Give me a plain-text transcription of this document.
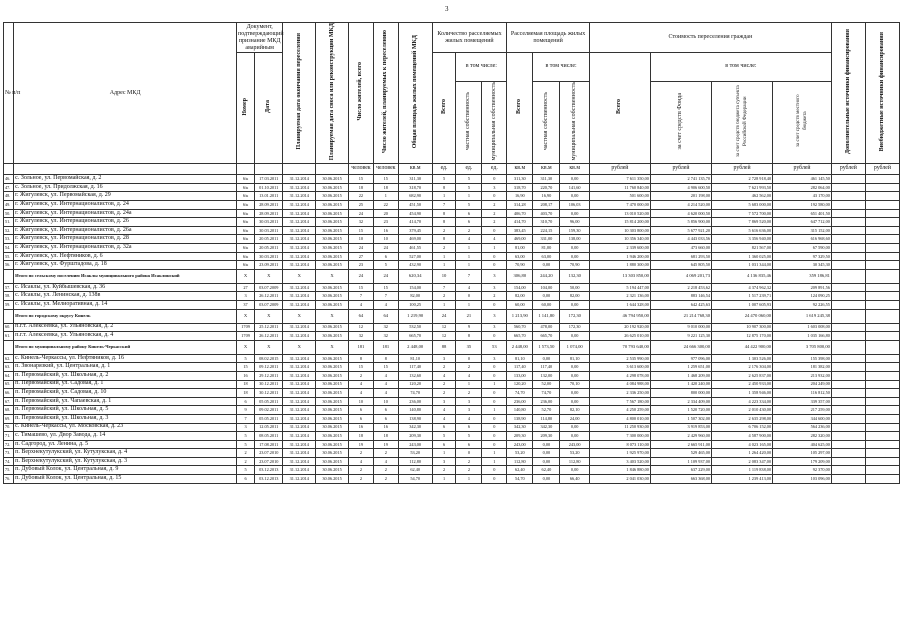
3
№ п/п	Адрес МКД	Документ, подтверждающий признание МКД аварийным		Планируемая дата окончания переселения	Планируемая дата сноса или реконструкции МКД	Число жителей, всего	Число жителей, планируемых к переселению	Общая площадь жилых помещений МКД	Количество расселяемых жилых помещений			Расселяемая площадь жилых помещений			Стоимость переселения граждан				Дополнительные источники финансирования	Внебюджетные источники финансирования
		Номер	Дата						Всего	в том числе:		Всего	в том числе:		Всего	в том числе:				
										частная собственность	муниципальная собственность		частная собственность	муниципальная собственность		за счет средств Фонда	за счет средств бюджета субъекта Российской Федерации	за счет средств местного бюджета		
						человек	человек	кв.м	ед.	ед.	ед.	кв.м	кв.м	кв.м	рублей	рублей	рублей	рублей	рублей	рублей
46.	с. Зольное, ул. Первомайская, д. 2	6/к	17.03.2011	31.12.2014	30.06.2015	15	15	311,30	5	5	0	311,30	311,30	0,00	7 611 350,00	2 741 135,70	2 728 918,40	461 145,50		
47.	с. Зольное, ул. Придолжская, д. 16	6/к	01.10.2011	31.12.2014	30.06.2015	18	18	318,70	8	5	3	318,70	220,70	141,60	11 760 840,00	4 906 600,50	7 621 993,50	282 064,00		
48.	г. Жигулевск, ул. Первомайская, д. 29	6/к	13.01.2011	31.12.2014	30.06.2015	22	1	682,90	1	1	0	16,90	16,90	0,00	501 600,00	201 198,00	462 562,00	43 170,00		
49.	г. Жигулевск, ул. Интернационалистов, д. 24	6/к	28.09.2011	31.12.2014	30.06.2015	25	22	451,50	7	5	2	314,28	208,17	106,03	7 470 000,00	4 214 520,00	5 683 000,00	192 580,00		
50.	г. Жигулевск, ул. Интернационалистов, д. 24а	6/к	28.09.2011	31.12.2014	30.06.2015	24	20	454,90	8	6	2	406,70	403,70	0,00	13 010 520,00	4 620 000,50	7 572 700,00	651 401,50		
51.	г. Жигулевск, ул. Интернационалистов, д. 26	6/к	30.03.2011	31.12.2014	30.06.2015	32	23	414,70	8	6	2	414,70	310,70	96,00	15 814 200,00	5 856 900,00	7 869 520,00	647 712,00		
52.	г. Жигулевск, ул. Интернационалистов, д. 26а	6/к	30.03.2011	31.12.2014	30.06.2015	15	16	379,45	2	2	0	383,45	224,15	159,30	10 303 800,00	5 677 921,20	5 616 636,00	315 152,00		
53.	г. Жигулевск, ул. Интернационалистов, д. 28	6/к	20.05.2011	31.12.2014	30.06.2015	10	10	469,00	8	4	4	469,00	331,00	138,00	10 356 340,00	4 443 033,56	3 356 940,00	616 968,60		
54.	г. Жигулевск, ул. Интернационалистов, д. 32а	6/к	20.05.2011	31.12.2014	30.06.2015	24	24	461,55	2	1	1	81,00	81,00	0,00	2 339 600,00	473 660,00	821 567,00	67 590,00		
55.	г. Жигулевск, ул. Нефтяников, д. 6	6/к	30.03.2011	31.12.2014	30.06.2015	27	6	527,00	1	1	0	63,00	63,00	0,00	1 946 200,00	681 293,50	1 360 025,00	97 329,50		
56.	г. Жигулевск, ул. Фурштадова, д. 18	6/к	23.09.2011	31.12.2014	30.06.2015	23	5	432,90	1	1	0	70,90	0,00	70,90	1 880 300,00	645 805,50	1 031 344,00	30 345,30		
	Итого по сельскому поселению Исаклы муниципального района Исаклинский	X	X	X	X	24	24	620,34	10	7	3	306,80	244,20	132,30	13 303 850,00	4 069 201,73	4 136 835,46	359 186,81		
57.	с. Исаклы, ул. Куйбышевская, д. 36	27	03.07.2009	31.12.2014	30.06.2015	15	15	154,00	7	4	3	154,00	104,00	50,00	5 194 447,00	2 218 453,62	4 374 962,32	209 891,56		
58.	с. Исаклы, ул. Ленинская, д. 138в	3	26.12.2011	31.12.2014	30.06.2015	7	7	82,00	2	0	2	82,00	0,00	82,00	2 321 136,00	883 146,54	1 517 239,71	124 090,25		
59.	с. Исаклы, ул. Мелиоративная, д. 14	37	03.07.2009	31.12.2014	30.06.2015	4	4	100,25	1	1	0	60,00	60,00	0,00	1 644 328,00	642 425,63	1 007 605,93	92 226,55		
	Итого по городскому округу Кинель	X	X	X	X	64	64	1 219,90	24	21	3	1 213,90	1 141,80	172,30	46 794 950,00	21 214 768,30	24 470 060,00	1 619 245,38		
60.	п.г.т. Алексеевка, ул. Ульяновская, д. 2	1709	25.12.2011	31.12.2014	30.06.2015	12	32	532,50	12	9	3	560,70	478,00	172,30	20 192 920,00	9 010 000,00	10 907 300,00	1 603 008,00		
61.	п.г.т. Алексеевка, ул. Ульяновская, д. 4	1709	26.12.2011	31.12.2014	30.06.2015	32	32	665,70	12	8	0	665,70	665,70	0,00	26 625 010,00	9 221 125,30	12 875 170,00	1 035 166,80		
	Итого по муниципальному району Кинель-Черкасский	X	X	X	X	181	181	2 448,00	88	35	53	2 448,00	1 573,50	1 074,00	70 793 640,00	24 666 300,00	44 422 900,00	3 705 800,00		
62.	с. Кинель-Черкассы, ул. Нефтяников, д. 16	5	08.02.2015	31.12.2014	30.06.2015	8	8	81,10	3	0	3	81,10	0,00	81,10	2 535 990,00	977 096,00	1 303 526,00	155 398,00		
63.	п. Звонарязкий, ул. Центральная, д. 1	15	09.12.2011	31.12.2014	30.06.2015	15	15	117,40	2	2	0	117,40	117,40	0,00	3 613 600,00	1 259 651,00	2 176 304,00	181 382,00		
64.	п. Первомайский, ул. Школьная, д. 2	16	29.12.2011	31.12.2014	30.06.2015	2	4	132,60	4	4	0	133,00	132,00	0,00	4 298 078,00	1 468 209,00	2 625 837,00	213 932,00		
65.	п. Первомайский, ул. Садовая, д. 1	18	30.12.2011	31.12.2014	30.06.2015	4	4	120,20	2	1	1	120,20	52,00	70,10	4 084 988,00	1 420 240,00	2 450 933,00	204 249,00		
66.	п. Первомайский, ул. Садовая, д. 10	18	30.12.2011	31.12.2014	30.06.2015	4	4	74,70	2	2	0	74,70	74,70	0,00	2 336 250,00	800 000,00	1 358 946,00	116 812,50		
67.	п. Первомайский, ул. Чапаевская, д. 1	6	05.05.2011	31.12.2014	30.06.2015	10	10	236,00	3	3	0	236,00	236,00	0,00	7 567 180,00	2 334 409,00	4 223 334,00	339 357,00		
68.	п. Первомайский, ул. Школьная, д. 5	9	09.02.2011	31.12.2014	30.06.2015	6	6	140,80	4	3	1	140,80	52,70	82,10	4 250 259,00	1 520 720,00	2 010 430,00	217 259,00		
69.	п. Первомайский, ул. Школьная, д. 3	7	05.05.2011	31.12.2014	30.06.2015	6	6	138,90	4	4	0	138,90	114,80	24,00	4 800 010,00	1 507 302,00	2 635 298,00	344 600,00		
70.	с. Кинель-Черкассы, ул. Московская, д. 23	3	12.05.2011	31.12.2014	30.06.2015	16	16	342,30	6	6	0	342,30	342,30	0,00	11 250 930,00	3 919 853,00	6 706 152,00	564 236,00		
71.	с. Тимашево, ул. Двор Завода, д. 14	5	08.05.2011	31.12.2014	30.06.2015	18	18	209,30	5	5	0	209,30	209,30	0,00	7 300 000,00	2 429 960,00	4 587 900,00	282 320,00		
72.	п. Садгород, ул. Ленина, д. 5	5	17.08.2011	31.12.2014	30.06.2015	19	19	243,00	6	6	0	243,00	0,00	243,00	8 073 110,00	2 665 911,00	4 023 165,00	404 625,00		
73.	п. Верхнекутулукский, ул. Кутулукская, д. 4	2	23.07.2010	31.12.2014	30.06.2015	2	2	53,20	1	0	1	53,20	0,00	53,20	1 925 970,00	529 465,00	1 264 420,00	105 297,00		
74.	п. Верхнекутулукский, ул. Кутулукская, д. 3	2	23.07.2010	31.12.2014	30.06.2015	4	4	112,80	3	2	1	112,80	0,00	112,80	3 403 520,00	1 109 937,00	2 083 347,00	179 209,00		
75.	п. Дубовый Колок, ул. Центральная, д. 9	5	03.12.2013	31.12.2014	30.06.2015	2	2	62,40	2	2	0	62,40	62,40	0,00	1 846 880,00	637 229,00	1 119 838,00	92 370,00		
76.	п. Дубовый Колок, ул. Центральная, д. 15	6	03.12.2013	31.12.2014	30.06.2015	2	2	54,70	1	1	0	54,70	0,00	66,40	2 041 030,00	663 368,00	1 239 413,00	103 096,00		
